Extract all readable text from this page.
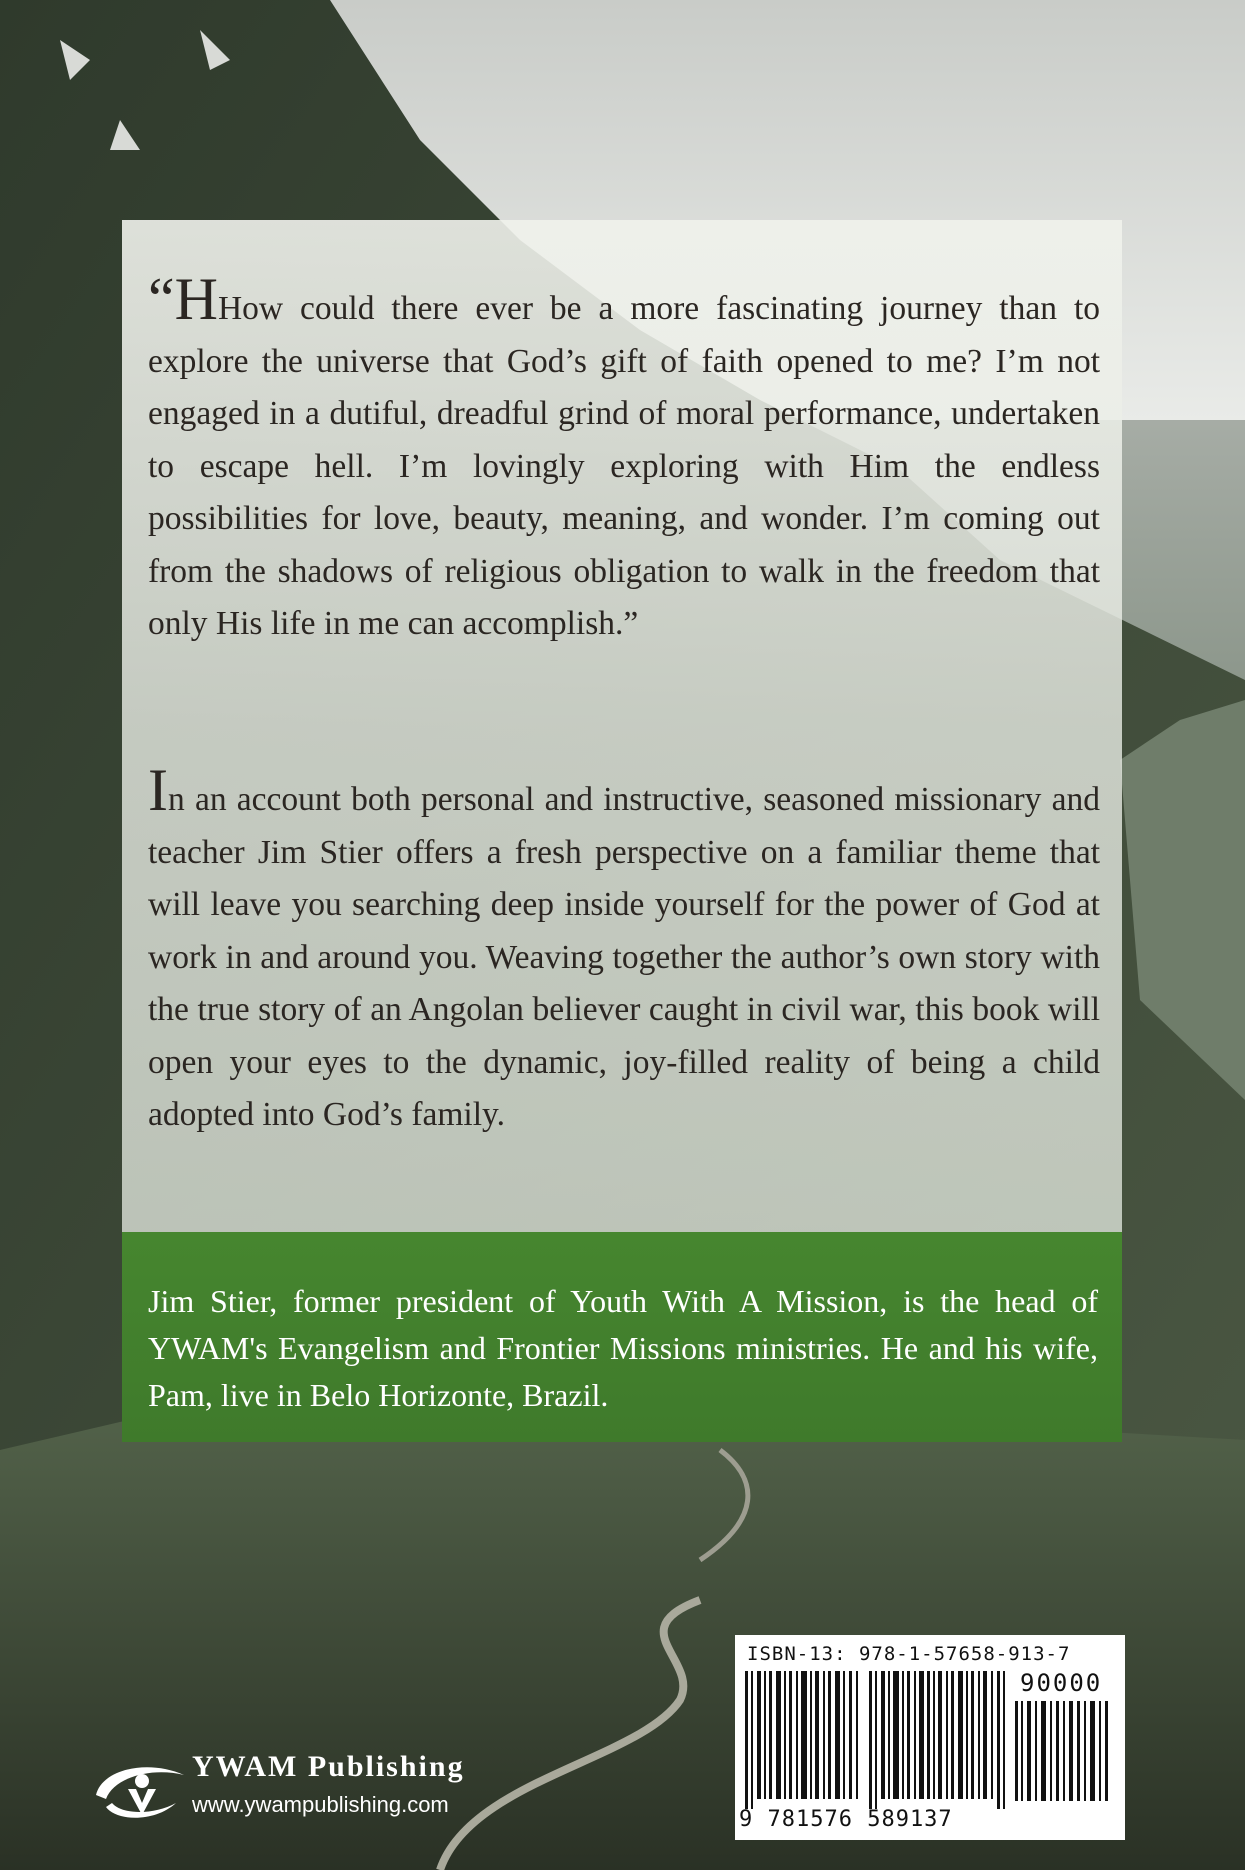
“HHow could there ever be a more fascinating journey than to explore the universe that God’s gift of faith opened to me? I’m not engaged in a dutiful, dreadful grind of moral performance, undertaken to escape hell. I’m lovingly exploring with Him the endless possibilities for love, beauty, meaning, and wonder. I’m coming out from the shadows of religious obligation to walk in the freedom that only His life in me can accomplish.”

In an account both personal and instructive, seasoned missionary and teacher Jim Stier offers a fresh perspective on a familiar theme that will leave you searching deep inside yourself for the power of God at work in and around you. Weaving together the author’s own story with the true story of an Angolan believer caught in civil war, this book will open your eyes to the dynamic, joy-filled reality of being a child adopted into God’s family.

Jim Stier, former president of Youth With A Mission, is the head of YWAM's Evangelism and Frontier Missions ministries. He and his wife, Pam, live in Belo Horizonte, Brazil.

YWAM Publishing
www.ywampublishing.com
ISBN-13: 978-1-57658-913-7
90000
9 781576 589137
